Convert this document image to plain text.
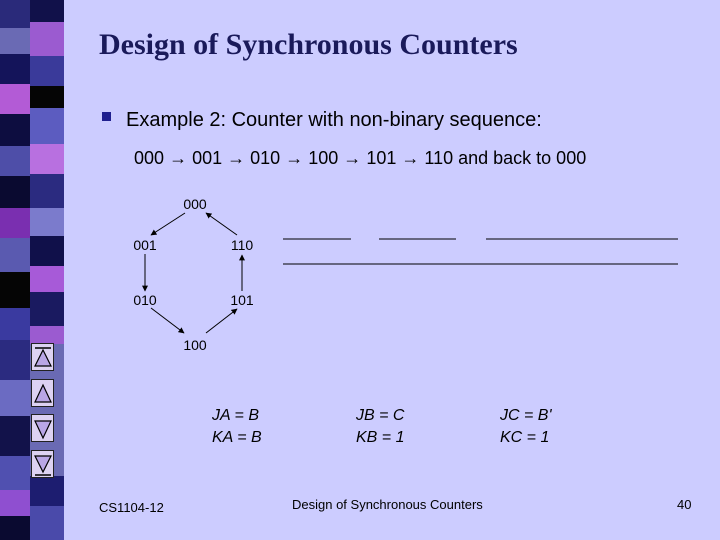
Design of Synchronous Counters
Example 2: Counter with non-binary sequence:
000 → 001 → 010 → 100 → 101 → 110 and back to 000
000
001	110
010	101
100
JA = B
KA = B
JB = C
KB = 1
JC = B'
KC = 1
CS1104-12	Design of Synchronous Counters	40
